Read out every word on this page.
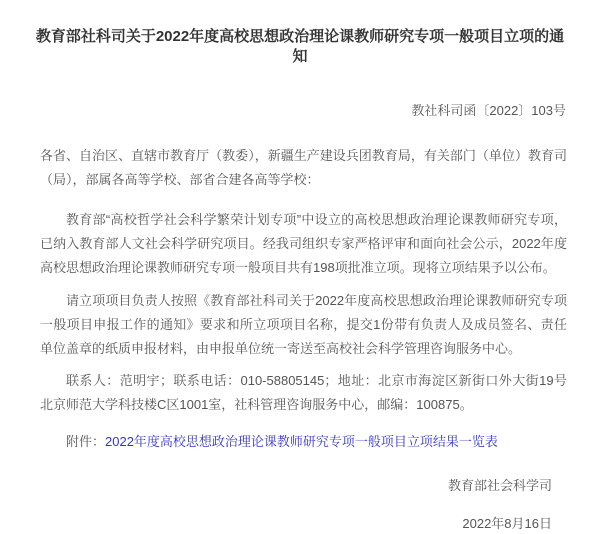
教育部社科司关于2022年度高校思想政治理论课教师研究专项一般项目立项的通知
教社科司函〔2022〕103号

各省、自治区、直辖市教育厅（教委），新疆生产建设兵团教育局，有关部门（单位）教育司（局），部属各高等学校、部省合建各高等学校：

教育部“高校哲学社会科学繁荣计划专项”中设立的高校思想政治理论课教师研究专项，已纳入教育部人文社会科学研究项目。经我司组织专家严格评审和面向社会公示，2022年度高校思想政治理论课教师研究专项一般项目共有198项批准立项。现将立项结果予以公布。

请立项项目负责人按照《教育部社科司关于2022年度高校思想政治理论课教师研究专项一般项目申报工作的通知》要求和所立项项目名称，提交1份带有负责人及成员签名、责任单位盖章的纸质申报材料，由申报单位统一寄送至高校社会科学管理咨询服务中心。

联系人：范明宇；联系电话：010-58805145；地址：北京市海淀区新街口外大街19号北京师范大学科技楼C区1001室，社科管理咨询服务中心，邮编：100875。

附件：2022年度高校思想政治理论课教师研究专项一般项目立项结果一览表

教育部社会科学司
2022年8月16日
